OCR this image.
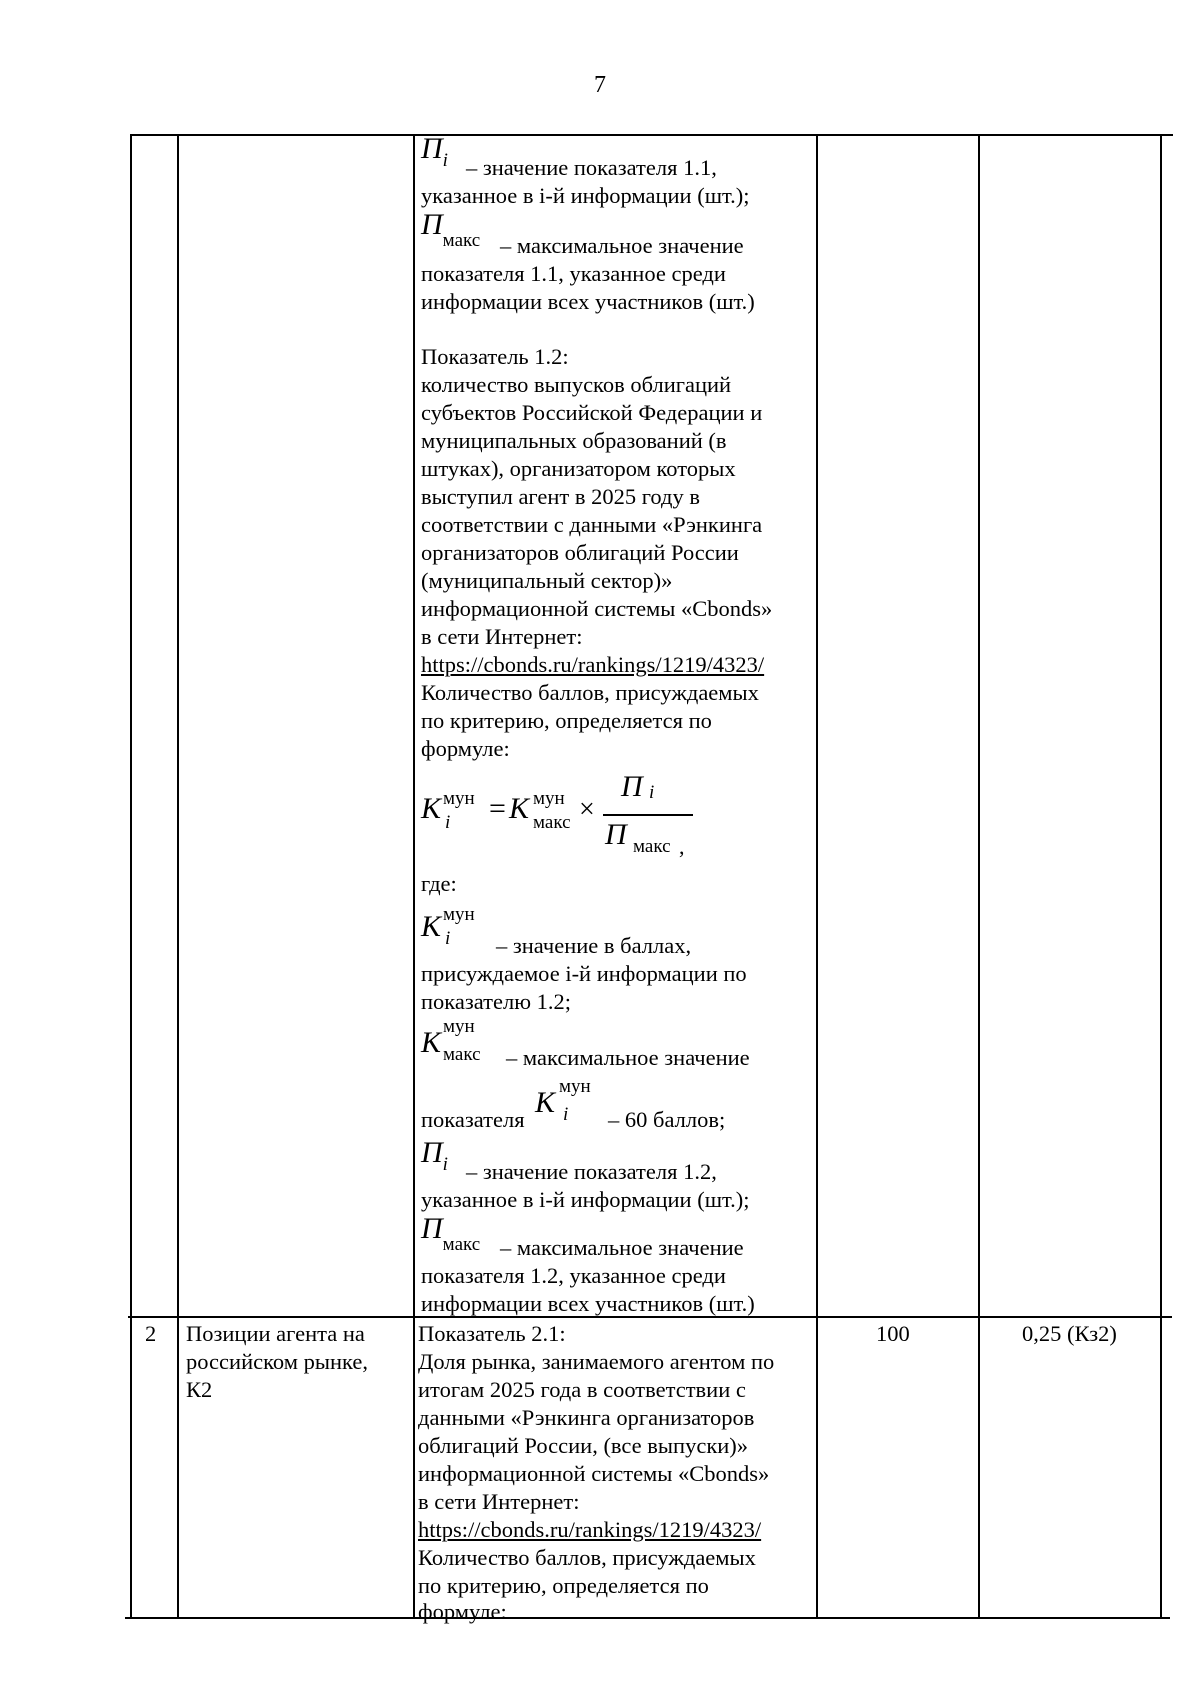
7
Пi – значение показателя 1.1,
указанное в i-й информации (шт.);
Пмакс – максимальное значение
показателя 1.1, указанное среди
информации всех участников (шт.)
Показатель 1.2:
количество выпусков облигаций
субъектов Российской Федерации и
муниципальных образований (в
штуках), организатором которых
выступил агент в 2025 году в
соответствии с данными «Рэнкинга
организаторов облигаций России
(муниципальный сектор)»
информационной системы «Cbonds»
в сети Интернет:
https://cbonds.ru/rankings/1219/4323/
Количество баллов, присуждаемых
по критерию, определяется по
формуле:
K мун
i = K мун
макс ×
П i
П макс ,
где:
K мун
i – значение в баллах,
присуждаемое i-й информации по
показателю 1.2;
K мун
макс – максимальное значение
показателя
K мун
i – 60 баллов;
Пi – значение показателя 1.2,
указанное в i-й информации (шт.);
Пмакс – максимальное значение
показателя 1.2, указанное среди
информации всех участников (шт.)
2 Позиции агента на
российском рынке,
К2
Показатель 2.1:
Доля рынка, занимаемого агентом по
итогам 2025 года в соответствии с
данными «Рэнкинга организаторов
облигаций России, (все выпуски)»
информационной системы «Cbonds»
в сети Интернет:
https://cbonds.ru/rankings/1219/4323/
Количество баллов, присуждаемых
по критерию, определяется по
формуле:
100	0,25 (Кз2)
